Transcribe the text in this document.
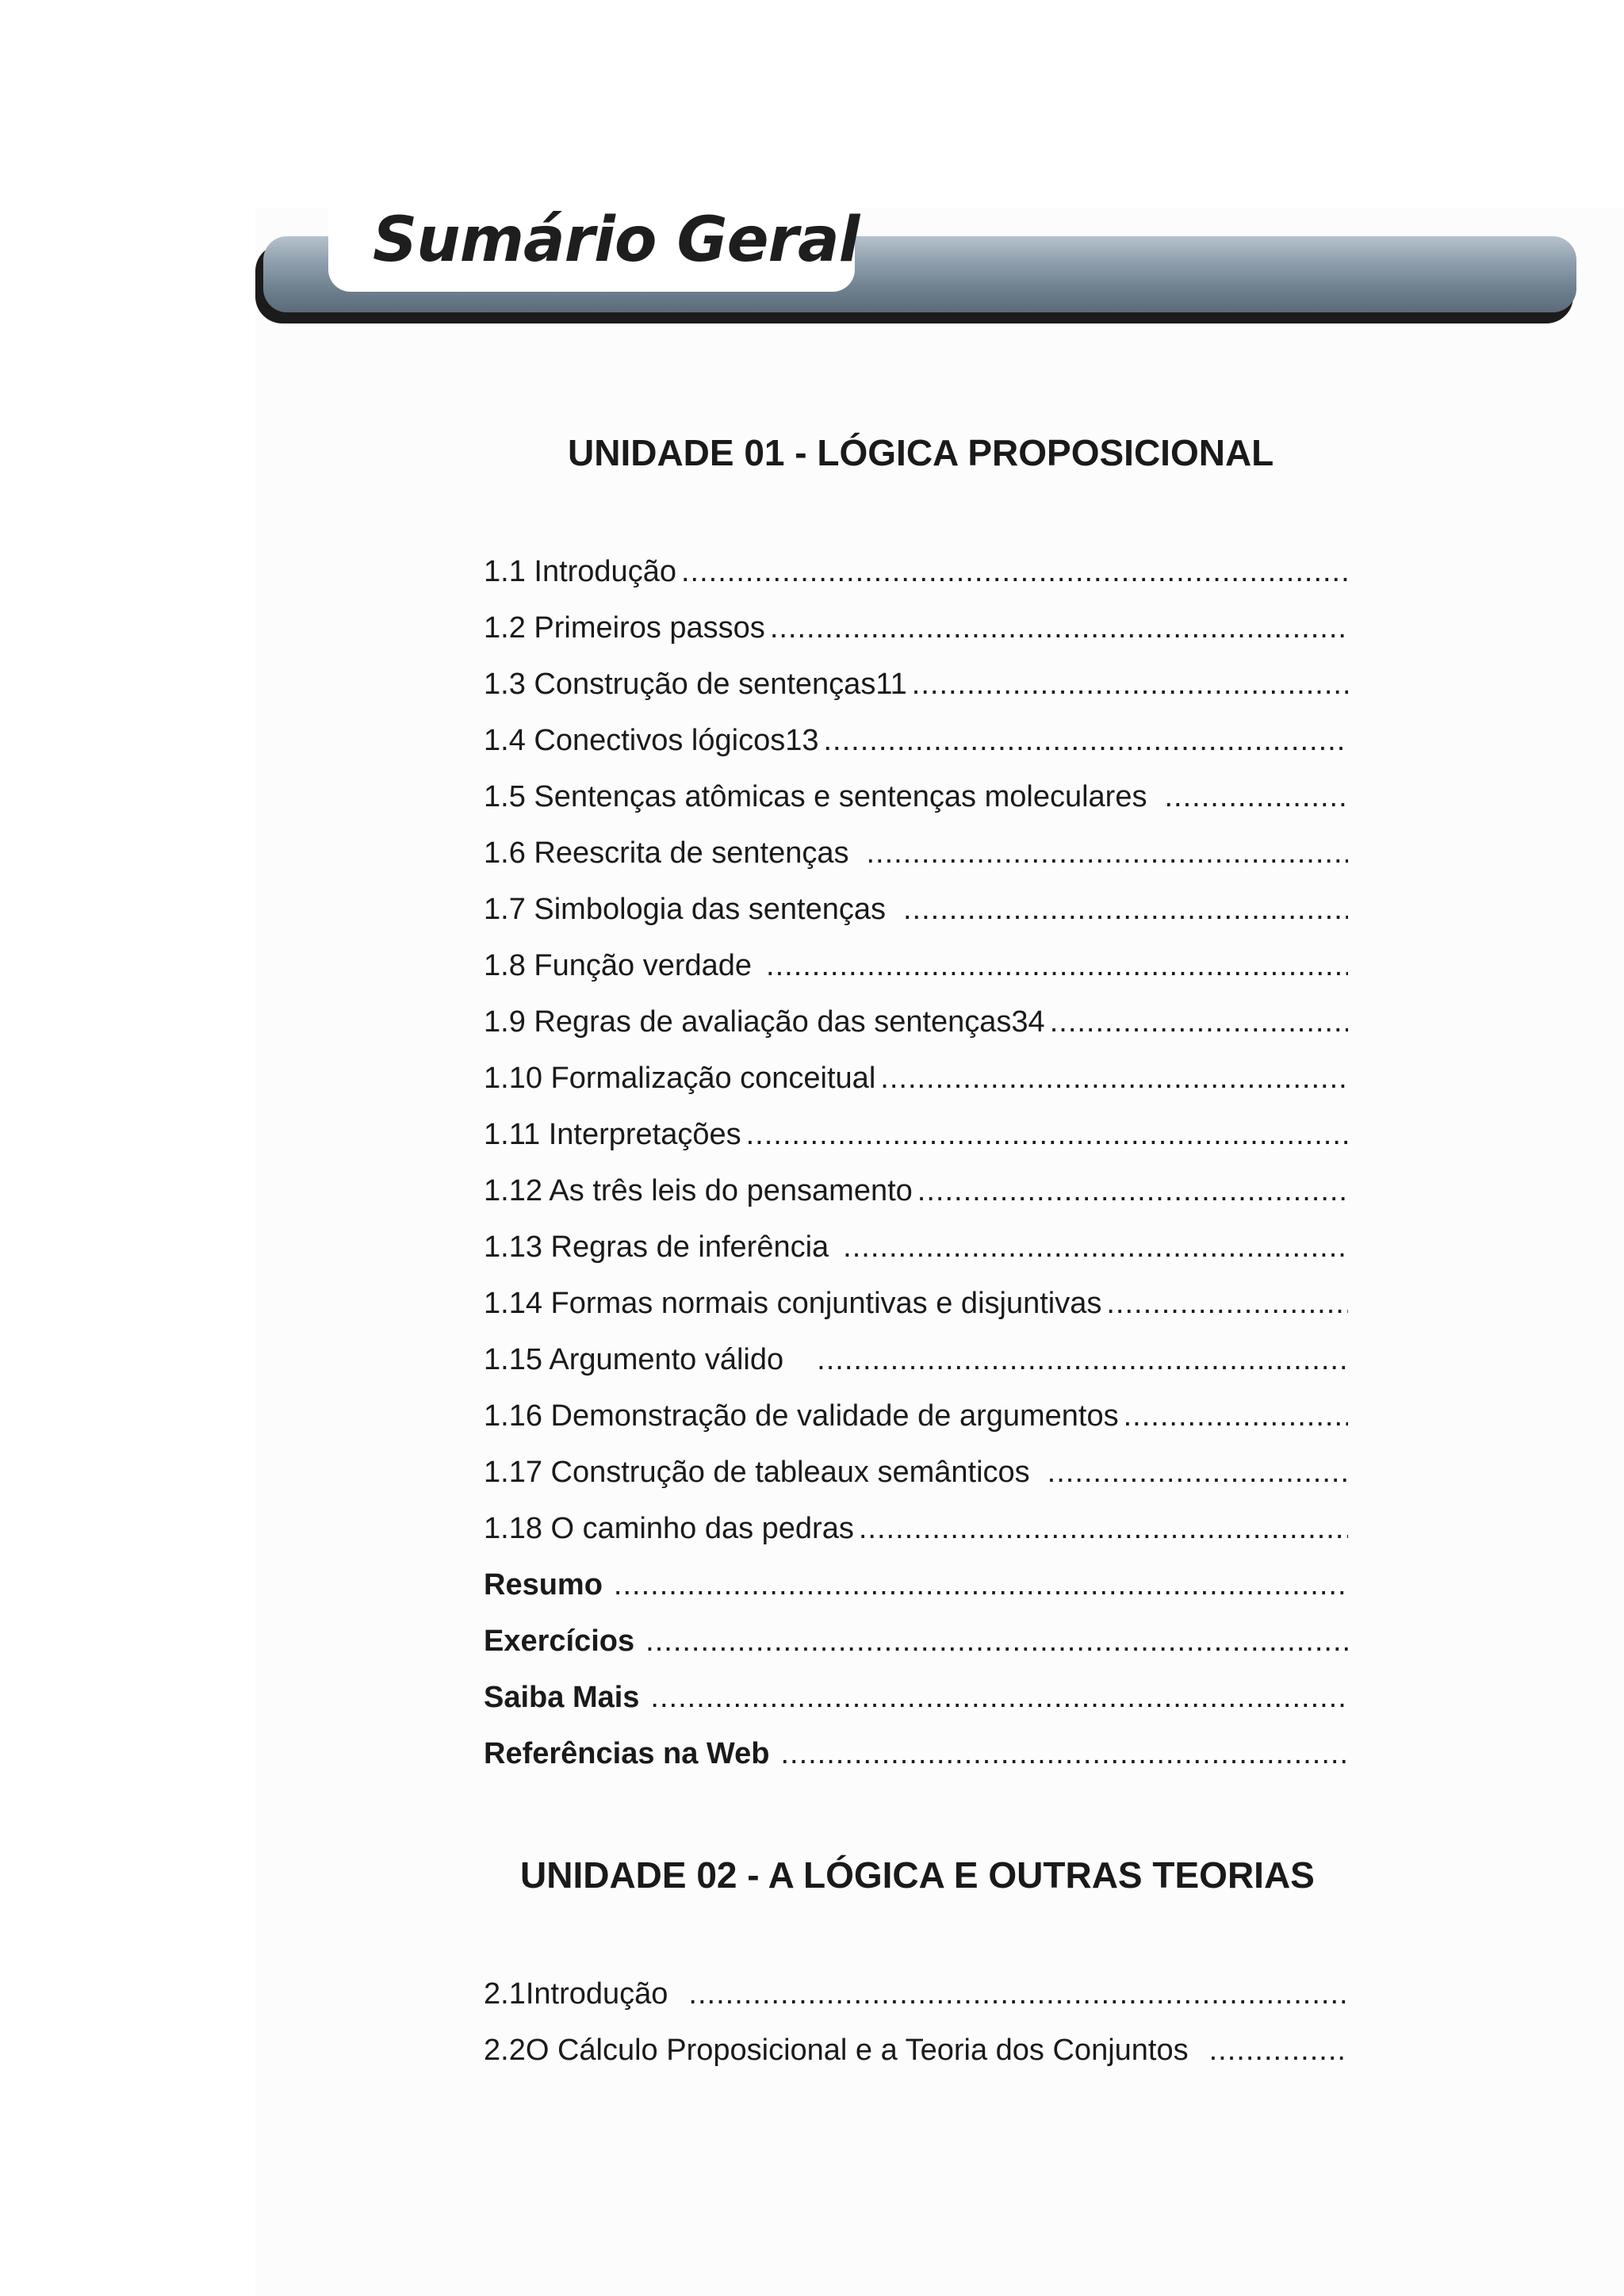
Sumário Geral
UNIDADE 01 - LÓGICA PROPOSICIONAL
1.1 Introdução
.....
1.2 Primeiros passos
.....
1.3 Construção de sentenças11
.....
1.4 Conectivos lógicos13
.....
1.5 Sentenças atômicas e sentenças moleculares
.....
1.6 Reescrita de sentenças
.....
1.7 Simbologia das sentenças
.....
1.8 Função verdade
.....
1.9 Regras de avaliação das sentenças34
.....
1.10 Formalização conceitual
.....
1.11 Interpretações
.....
1.12 As três leis do pensamento
.....
1.13 Regras de inferência
.....
1.14 Formas normais conjuntivas e disjuntivas
.....
1.15 Argumento válido
.....
1.16 Demonstração de validade de argumentos
.....
1.17 Construção de tableaux semânticos
.....
1.18 O caminho das pedras
.....
Resumo
.....
Exercícios
.....
Saiba Mais
.....
Referências na Web
.....
UNIDADE 02 - A LÓGICA E OUTRAS TEORIAS
2.1Introdução
.....
2.2O Cálculo Proposicional e a Teoria dos Conjuntos
.....
